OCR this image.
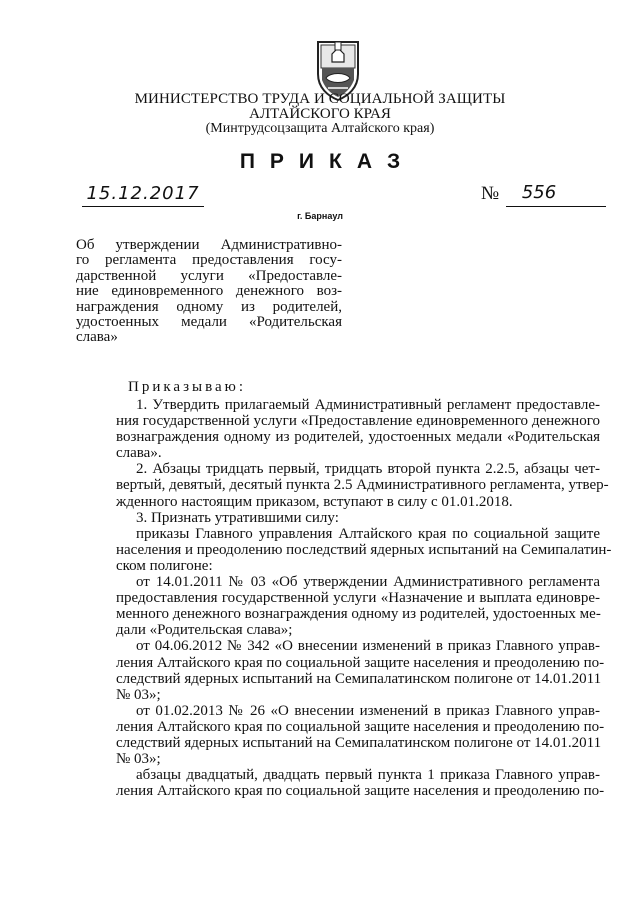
МИНИСТЕРСТВО ТРУДА И СОЦИАЛЬНОЙ ЗАЩИТЫ
АЛТАЙСКОГО КРАЯ
(Минтрудсоцзащита Алтайского края)
ПРИКАЗ
15.12.2017	№	556
г. Барнаул
Об утверждении Административно-
го регламента предоставления госу-
дарственной услуги «Предоставле-
ние единовременного денежного воз-
награждения одному из родителей,
удостоенных медали «Родительская
слава»
Приказываю:
1. Утвердить прилагаемый Административный регламент предоставле-
ния государственной услуги «Предоставление единовременного денежного
вознаграждения одному из родителей, удостоенных медали «Родительская
слава».
2. Абзацы тридцать первый, тридцать второй пункта 2.2.5, абзацы чет-
вертый, девятый, десятый пункта 2.5 Административного регламента, утвер-
жденного настоящим приказом, вступают в силу с 01.01.2018.
3. Признать утратившими силу:
приказы Главного управления Алтайского края по социальной защите
населения и преодолению последствий ядерных испытаний на Семипалатин-
ском полигоне:
от 14.01.2011 № 03 «Об утверждении Административного регламента
предоставления государственной услуги «Назначение и выплата единовре-
менного денежного вознаграждения одному из родителей, удостоенных ме-
дали «Родительская слава»;
от 04.06.2012 № 342 «О внесении изменений в приказ Главного управ-
ления Алтайского края по социальной защите населения и преодолению по-
следствий ядерных испытаний на Семипалатинском полигоне от 14.01.2011
№ 03»;
от 01.02.2013 № 26 «О внесении изменений в приказ Главного управ-
ления Алтайского края по социальной защите населения и преодолению по-
следствий ядерных испытаний на Семипалатинском полигоне от 14.01.2011
№ 03»;
абзацы двадцатый, двадцать первый пункта 1 приказа Главного управ-
ления Алтайского края по социальной защите населения и преодолению по-
